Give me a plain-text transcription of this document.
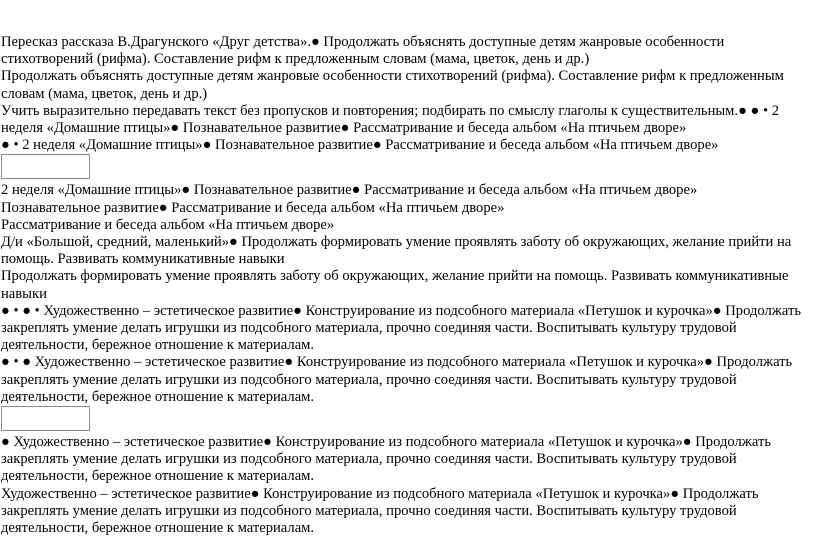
Пересказ рассказа В.Драгунского «Друг детства».● Продолжать объяснять доступные детям жанровые особенности стихотворений (рифма). Составление рифм к предложенным словам (мама, цветок, день и др.)

Продолжать объяснять доступные детям жанровые особенности стихотворений (рифма). Составление рифм к предложенным словам (мама, цветок, день и др.)

Учить выразительно передавать текст без пропусков и повторения; подбирать по смыслу глаголы к существительным.● ● • 2 неделя «Домашние птицы»● Познавательное развитие● Рассматривание и беседа альбом «На птичьем дворе»

● • 2 неделя «Домашние птицы»● Познавательное развитие● Рассматривание и беседа альбом «На птичьем дворе»

2 неделя «Домашние птицы»● Познавательное развитие● Рассматривание и беседа альбом «На птичьем дворе»

Познавательное развитие● Рассматривание и беседа альбом «На птичьем дворе»

Рассматривание и беседа альбом «На птичьем дворе»

Д/и «Большой, средний, маленький»● Продолжать формировать умение проявлять заботу об окружающих, желание прийти на помощь. Развивать коммуникативные навыки

Продолжать формировать умение проявлять заботу об окружающих, желание прийти на помощь. Развивать коммуникативные навыки

● • ● • Художественно – эстетическое развитие● Конструирование из подсобного материала «Петушок и курочка»● Продолжать закреплять умение делать игрушки из подсобного материала, прочно соединяя части. Воспитывать культуру трудовой деятельности, бережное отношение к материалам.

● • ● Художественно – эстетическое развитие● Конструирование из подсобного материала «Петушок и курочка»● Продолжать закреплять умение делать игрушки из подсобного материала, прочно соединяя части. Воспитывать культуру трудовой деятельности, бережное отношение к материалам.

● Художественно – эстетическое развитие● Конструирование из подсобного материала «Петушок и курочка»● Продолжать закреплять умение делать игрушки из подсобного материала, прочно соединяя части. Воспитывать культуру трудовой деятельности, бережное отношение к материалам.

Художественно – эстетическое развитие● Конструирование из подсобного материала «Петушок и курочка»● Продолжать закреплять умение делать игрушки из подсобного материала, прочно соединяя части. Воспитывать культуру трудовой деятельности, бережное отношение к материалам.
